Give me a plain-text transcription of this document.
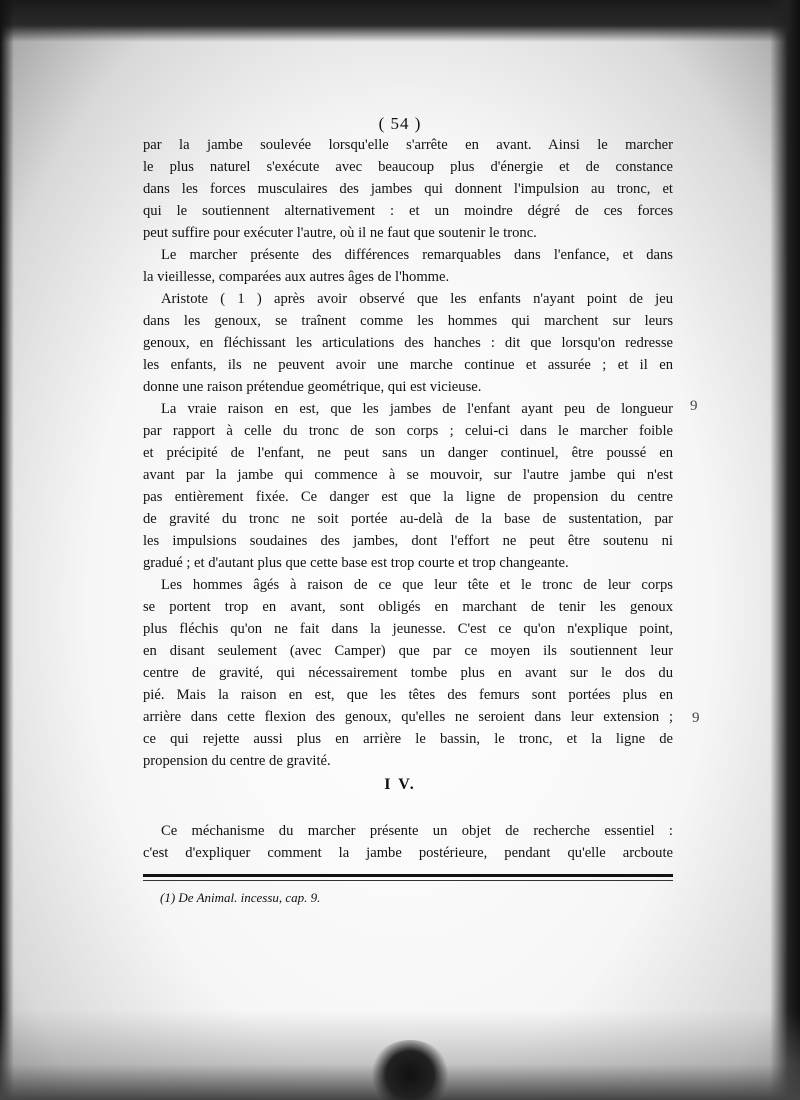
( 54 )
par la jambe soulevée lorsqu'elle s'arrête en avant. Ainsi le marcher
le plus naturel s'exécute avec beaucoup plus d'énergie et de constance
dans les forces musculaires des jambes qui donnent l'impulsion au tronc, et
qui le soutiennent alternativement : et un moindre dégré de ces forces
peut suffire pour exécuter l'autre, où il ne faut que soutenir le tronc.
Le marcher présente des différences remarquables dans l'enfance, et dans
la vieillesse, comparées aux autres âges de l'homme.
Aristote ( 1 ) après avoir observé que les enfants n'ayant point de jeu
dans les genoux, se traînent comme les hommes qui marchent sur leurs
genoux, en fléchissant les articulations des hanches : dit que lorsqu'on redresse
les enfants, ils ne peuvent avoir une marche continue et assurée ; et il en
donne une raison prétendue geométrique, qui est vicieuse.
La vraie raison en est, que les jambes de l'enfant ayant peu de longueur
par rapport à celle du tronc de son corps ; celui-ci dans le marcher foible
et précipité de l'enfant, ne peut sans un danger continuel, être poussé en
avant par la jambe qui commence à se mouvoir, sur l'autre jambe qui n'est
pas entièrement fixée. Ce danger est que la ligne de propension du centre
de gravité du tronc ne soit portée au-delà de la base de sustentation, par
les impulsions soudaines des jambes, dont l'effort ne peut être soutenu ni
gradué ; et d'autant plus que cette base est trop courte et trop changeante.
Les hommes âgés à raison de ce que leur tête et le tronc de leur corps
se portent trop en avant, sont obligés en marchant de tenir les genoux
plus fléchis qu'on ne fait dans la jeunesse. C'est ce qu'on n'explique point,
en disant seulement (avec Camper) que par ce moyen ils soutiennent leur
centre de gravité, qui nécessairement tombe plus en avant sur le dos du
pié. Mais la raison en est, que les têtes des femurs sont portées plus en
arrière dans cette flexion des genoux, qu'elles ne seroient dans leur extension ;
ce qui rejette aussi plus en arrière le bassin, le tronc, et la ligne de
propension du centre de gravité.
I V.
Ce méchanisme du marcher présente un objet de recherche essentiel :
c'est d'expliquer comment la jambe postérieure, pendant qu'elle arcboute
(1) De Animal. incessu, cap. 9.
9
9
